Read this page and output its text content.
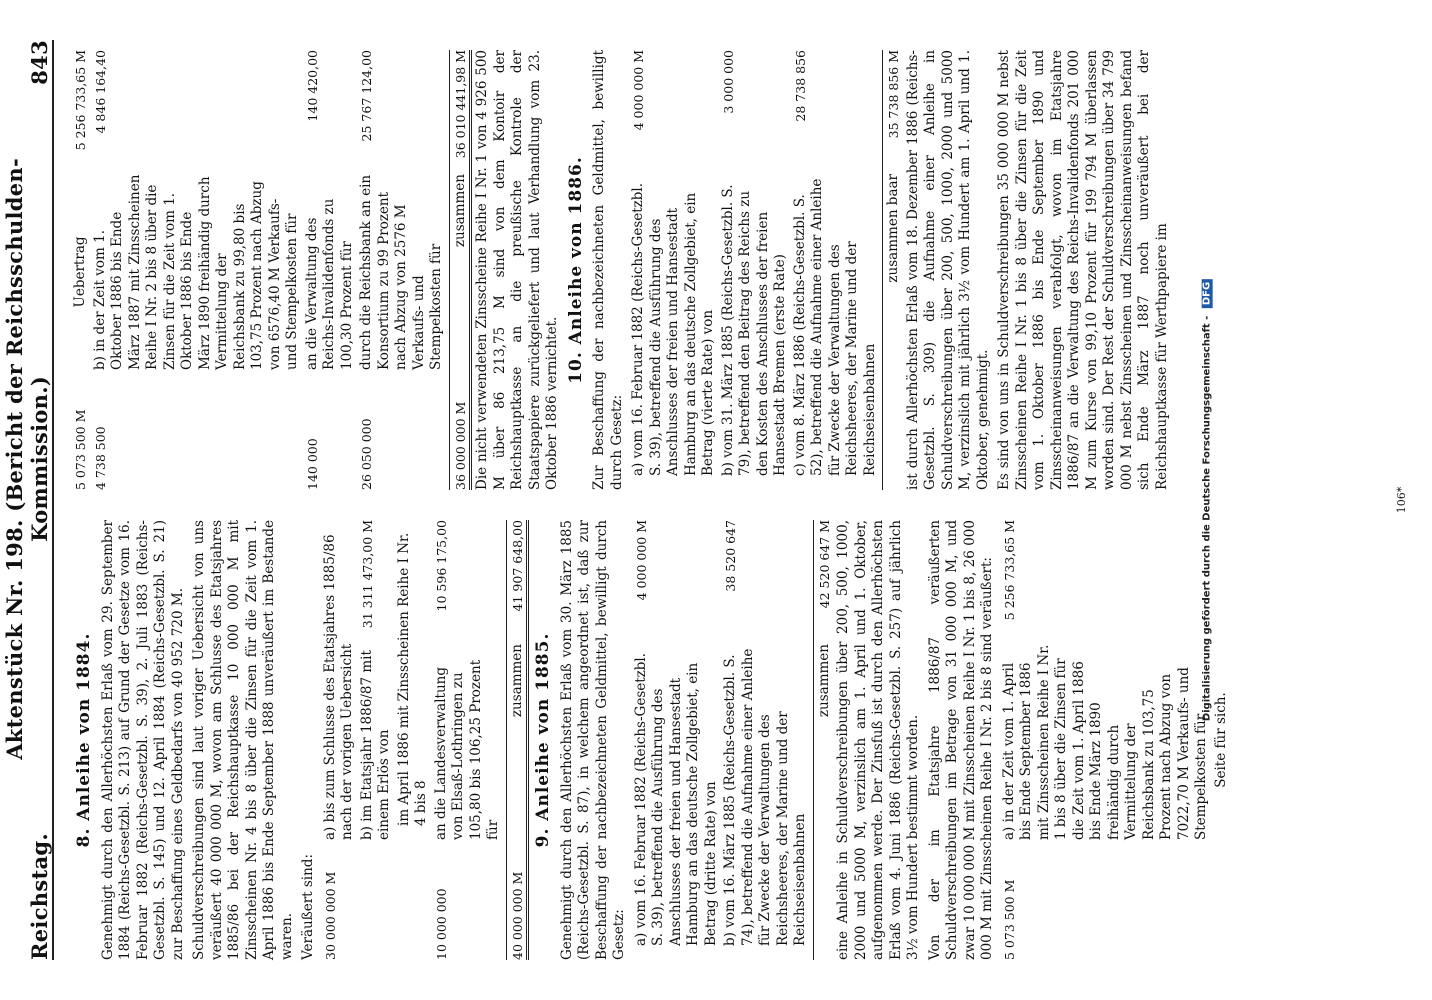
Reichstag.
Aktenstück Nr. 198. (Bericht der Reichsschulden-Kommission.)
843
8. Anleihe von 1884. Genehmigt durch den Allerhöchsten Erlaß vom 29. September 1884 (Reichs-Gesetzbl. S. 213) auf Grund der Gesetze vom 16. Februar 1882 (Reichs-Gesetzbl. S. 39), 2. Juli 1883 (Reichs-Gesetzbl. S. 145) und 12. April 1884 (Reichs-Gesetzbl. S. 21) zur Beschaffung eines Geldbedarfs von 40 952 720 M. Schuldverschreibungen sind laut voriger Uebersicht von uns veräußert 40 000 000 M, wovon am Schlusse des Etatsjahres 1885/86 bei der Reichshauptkasse 10 000 000 M mit Zinsscheinen Nr. 4 bis 8 über die Zinsen für die Zeit vom 1. April 1886 bis Ende September 1888 unveräußert im Bestande waren. Veräußert sind: 30 000 000 M
a) bis zum Schlusse des Etatsjahres 1885/86 nach der vorigen Uebersicht b) im Etatsjahr 1886/87 mit einem Erlös von
31 311 473,00 M im April 1886 mit Zinsscheinen Reihe I Nr. 4 bis 8
10 000 000
an die Landesverwaltung von Elsaß-Lothringen zu 105,80 bis 106,25 Prozent für
10 596 175,00
40 000 000 M
zusammen
41 907 648,00
9. Anleihe von 1885. Genehmigt durch den Allerhöchsten Erlaß vom 30. März 1885 (Reichs-Gesetzbl. S. 87), in welchem angeordnet ist, daß zur Beschaffung der nachbezeichneten Geldmittel, bewilligt durch Gesetz: a) vom 16. Februar 1882 (Reichs-Gesetzbl. S. 39), betreffend die Ausführung des Anschlusses der freien und Hansestadt Hamburg an das deutsche Zollgebiet, ein Betrag (dritte Rate) von
4 000 000 M
b) vom 16. März 1885 (Reichs-Gesetzbl. S. 74), betreffend die Aufnahme einer Anleihe für Zwecke der Verwaltungen des Reichsheeres, der Marine und der Reichseisenbahnen
38 520 647
zusammen
42 520 647 M eine Anleihe in Schuldverschreibungen über 200, 500, 1000, 2000 und 5000 M, verzinslich am 1. April und 1. Oktober, aufgenommen werde. Der Zinsfuß ist durch den Allerhöchsten Erlaß vom 4. Juni 1886 (Reichs-Gesetzbl. S. 257) auf jährlich 3½ vom Hundert bestimmt worden. Von der im Etatsjahre 1886/87 veräußerten Schuldverschreibungen im Betrage von 31 000 000 M, und zwar 10 000 000 M mit Zinsscheinen Reihe I Nr. 1 bis 8, 26 000 000 M mit Zinsscheinen Reihe I Nr. 2 bis 8 sind veräußert: 5 073 500 M
a) in der Zeit vom 1. April bis Ende September 1886 mit Zinsscheinen Reihe I Nr. 1 bis 8 über die Zinsen für die Zeit vom 1. April 1886 bis Ende März 1890 freihändig durch Vermittelung der Reichsbank zu 103,75 Prozent nach Abzug von 7022,70 M Verkaufs- und Stempelkosten für
5 256 733,65 M

Seite für sich.

5 073 500 M
Uebertrag
5 256 733,65 M
4 738 500
b) in der Zeit vom 1. Oktober 1886 bis Ende März 1887 mit Zinsscheinen Reihe I Nr. 2 bis 8 über die Zinsen für die Zeit vom 1. Oktober 1886 bis Ende März 1890 freihändig durch Vermittelung der Reichsbank zu 99,80 bis 103,75 Prozent nach Abzug von 6576,40 M Verkaufs- und Stempelkosten für
4 846 164,40
140 000
an die Verwaltung des Reichs-Invalidenfonds zu 100,30 Prozent für
140 420,00
26 050 000
durch die Reichsbank an ein Konsortium zu 99 Prozent nach Abzug von 2576 M Verkaufs- und Stempelkosten für
25 767 124,00
36 000 000 M
zusammen
36 010 441,98 M Die nicht verwendeten Zinsscheine Reihe I Nr. 1 von 4 926 500 M über 86 213,75 M sind von dem Kontoir der Reichshauptkasse an die preußische Kontrole der Staatspapiere zurückgeliefert und laut Verhandlung vom 23. Oktober 1886 vernichtet.

10. Anleihe von 1886. Zur Beschaffung der nachbezeichneten Geldmittel, bewilligt durch Gesetz: a) vom 16. Februar 1882 (Reichs-Gesetzbl. S. 39), betreffend die Ausführung des Anschlusses der freien und Hansestadt Hamburg an das deutsche Zollgebiet, ein Betrag (vierte Rate) von
4 000 000 M
b) vom 31. März 1885 (Reichs-Gesetzbl. S. 79), betreffend den Beitrag des Reichs zu den Kosten des Anschlusses der freien Hansestadt Bremen (erste Rate)
3 000 000
c) vom 8. März 1886 (Reichs-Gesetzbl. S. 52), betreffend die Aufnahme einer Anleihe für Zwecke der Verwaltungen des Reichsheeres, der Marine und der Reichseisenbahnen
28 738 856
zusammen baar
35 738 856 M ist durch Allerhöchsten Erlaß vom 18. Dezember 1886 (Reichs-Gesetzbl. S. 309) die Aufnahme einer Anleihe in Schuldverschreibungen über 200, 500, 1000, 2000 und 5000 M, verzinslich mit jährlich 3½ vom Hundert am 1. April und 1. Oktober, genehmigt. Es sind von uns in Schuldverschreibungen 35 000 000 M nebst Zinsscheinen Reihe I Nr. 1 bis 8 über die Zinsen für die Zeit vom 1. Oktober 1886 bis Ende September 1890 und Zinsscheinanweisungen verabfolgt, wovon im Etatsjahre 1886/87 an die Verwaltung des Reichs-Invalidenfonds 201 000 M zum Kurse von 99,10 Prozent für 199 794 M überlassen worden sind. Der Rest der Schuldverschreibungen über 34 799 000 M nebst Zinsscheinen und Zinsscheinanweisungen befand sich Ende März 1887 noch unveräußert bei der Reichshauptkasse für Werthpapiere im

106*
Digitalisierung gefördert durch die Deutsche Forschungsgemeinschaft - DFG
